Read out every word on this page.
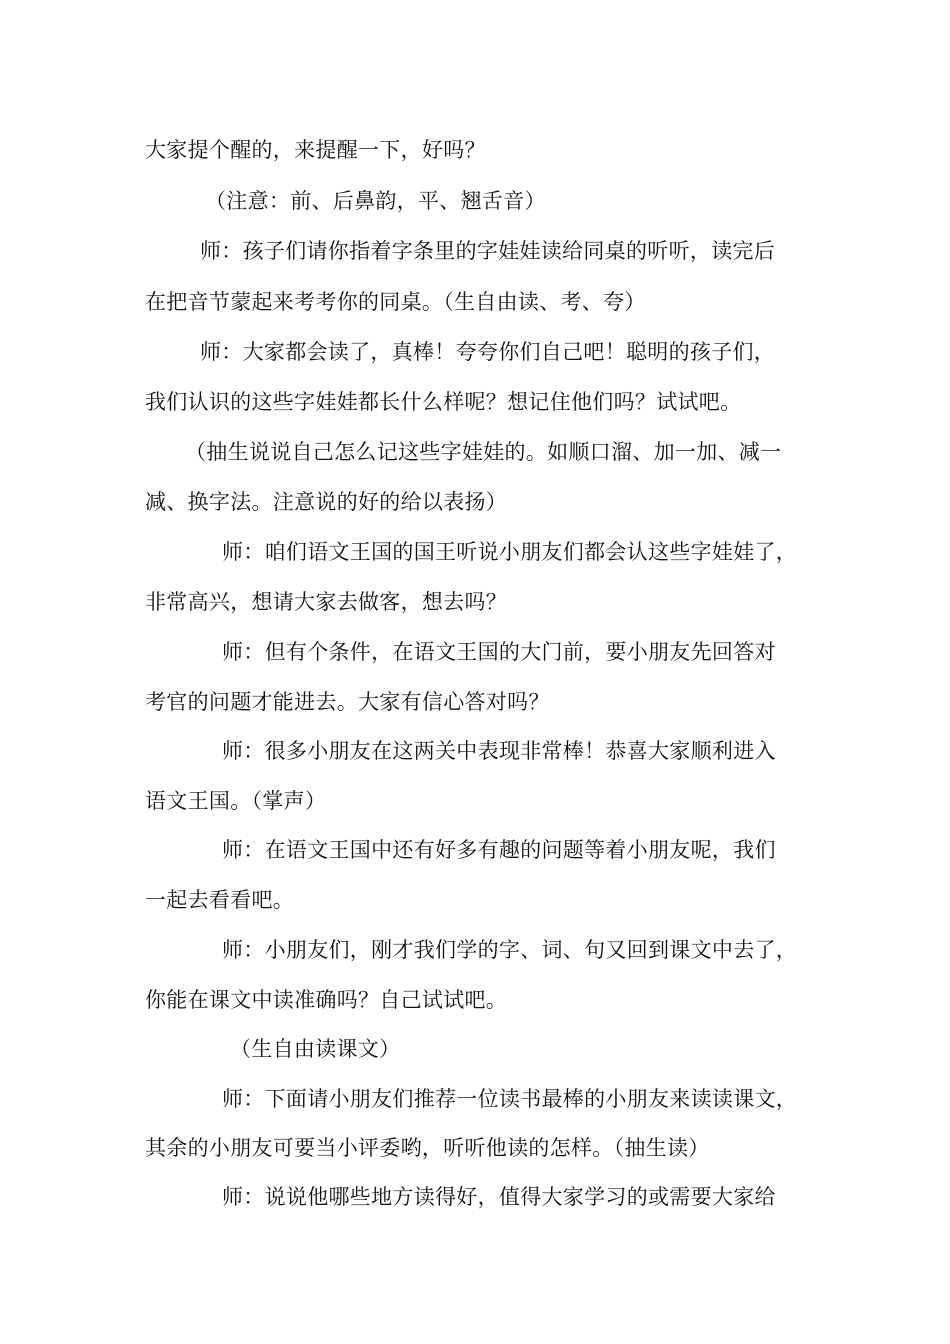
大家提个醒的，来提醒一下，好吗？
（注意：前、后鼻韵，平、翘舌音）
师：孩子们请你指着字条里的字娃娃读给同桌的听听，读完后
在把音节蒙起来考考你的同桌。（生自由读、考、夸）
师：大家都会读了，真棒！夸夸你们自己吧！聪明的孩子们，
我们认识的这些字娃娃都长什么样呢？想记住他们吗？试试吧。
（抽生说说自己怎么记这些字娃娃的。如顺口溜、加一加、减一
减、换字法。注意说的好的给以表扬）
师：咱们语文王国的国王听说小朋友们都会认这些字娃娃了，
非常高兴，想请大家去做客，想去吗？
师：但有个条件，在语文王国的大门前，要小朋友先回答对
考官的问题才能进去。大家有信心答对吗？
师：很多小朋友在这两关中表现非常棒！恭喜大家顺利进入
语文王国。（掌声）
师：在语文王国中还有好多有趣的问题等着小朋友呢，我们
一起去看看吧。
师：小朋友们，刚才我们学的字、词、句又回到课文中去了，
你能在课文中读准确吗？自己试试吧。
（生自由读课文）
师：下面请小朋友们推荐一位读书最棒的小朋友来读读课文，
其余的小朋友可要当小评委哟，听听他读的怎样。（抽生读）
师：说说他哪些地方读得好，值得大家学习的或需要大家给
